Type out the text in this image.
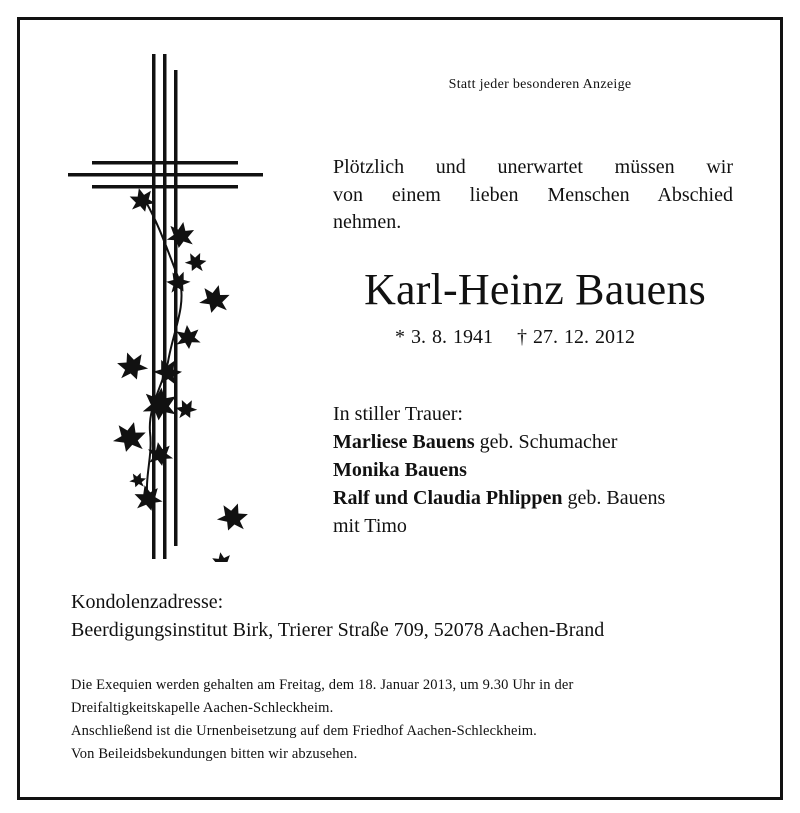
Statt jeder besonderen Anzeige
Plötzlich und unerwartet müssen wir
von einem lieben Menschen Abschied
nehmen.
Karl-Heinz Bauens
* 3. 8. 1941 † 27. 12. 2012
In stiller Trauer:
Marliese Bauens geb. Schumacher
Monika Bauens
Ralf und Claudia Phlippen geb. Bauens
mit Timo
Kondolenzadresse:
Beerdigungsinstitut Birk, Trierer Straße 709, 52078 Aachen-Brand
Die Exequien werden gehalten am Freitag, dem 18. Januar 2013, um 9.30 Uhr in der
Dreifaltigkeitskapelle Aachen-Schleckheim.
Anschließend ist die Urnenbeisetzung auf dem Friedhof Aachen-Schleckheim.
Von Beileidsbekundungen bitten wir abzusehen.
